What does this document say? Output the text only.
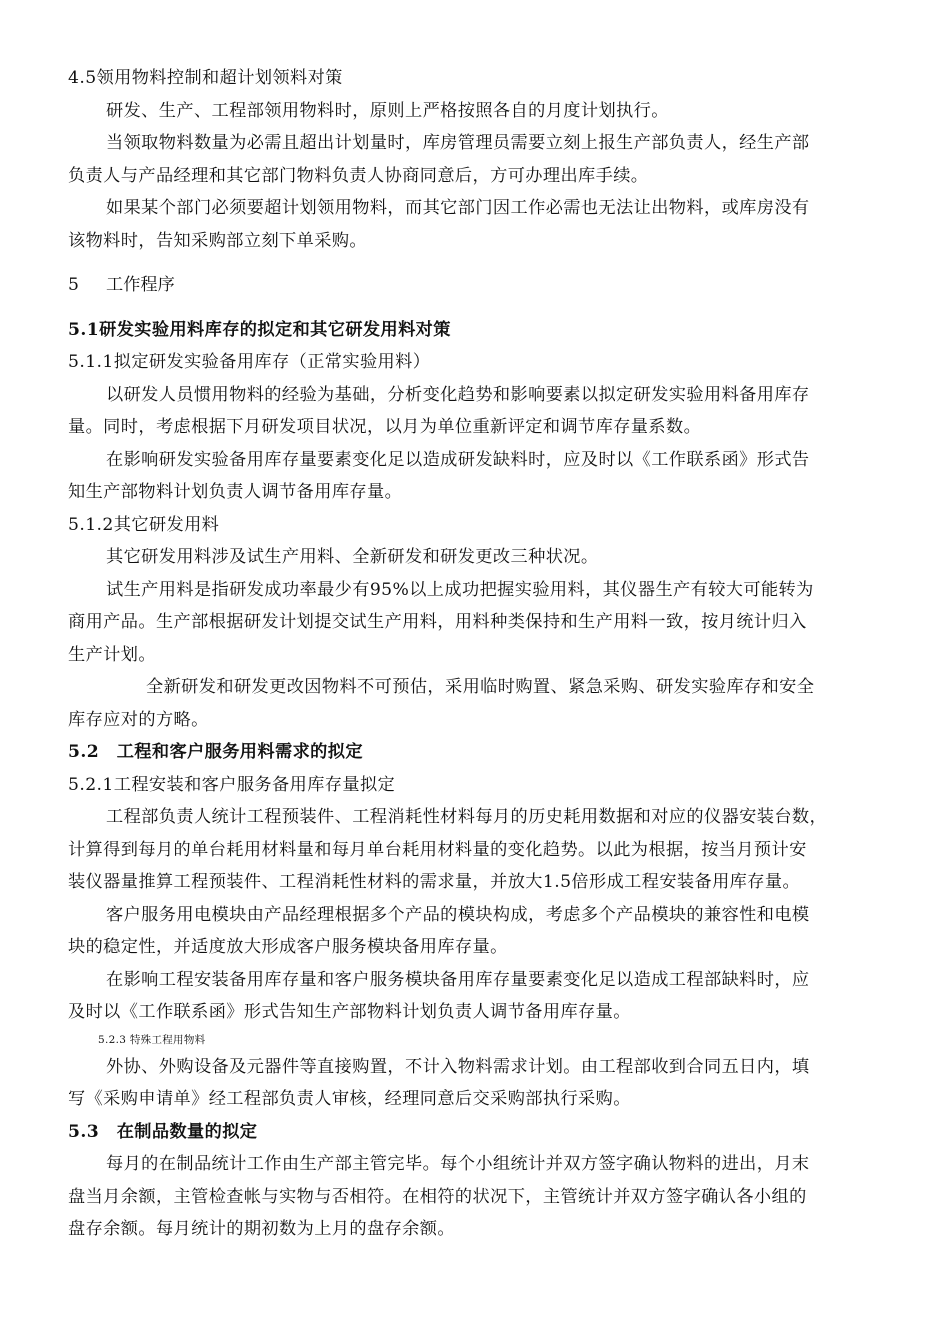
4.5领用物料控制和超计划领料对策
研发、生产、工程部领用物料时，原则上严格按照各自的月度计划执行。
当领取物料数量为必需且超出计划量时，库房管理员需要立刻上报生产部负责人，经生产部
负责人与产品经理和其它部门物料负责人协商同意后，方可办理出库手续。
如果某个部门必须要超计划领用物料，而其它部门因工作必需也无法让出物料，或库房没有
该物料时，告知采购部立刻下单采购。
5 工作程序
5.1研发实验用料库存的拟定和其它研发用料对策
5.1.1拟定研发实验备用库存（正常实验用料）
以研发人员惯用物料的经验为基础，分析变化趋势和影响要素以拟定研发实验用料备用库存
量。同时，考虑根据下月研发项目状况，以月为单位重新评定和调节库存量系数。
在影响研发实验备用库存量要素变化足以造成研发缺料时，应及时以《工作联系函》形式告
知生产部物料计划负责人调节备用库存量。
5.1.2其它研发用料
其它研发用料涉及试生产用料、全新研发和研发更改三种状况。
试生产用料是指研发成功率最少有95%以上成功把握实验用料，其仪器生产有较大可能转为
商用产品。生产部根据研发计划提交试生产用料，用料种类保持和生产用料一致，按月统计归入
生产计划。
全新研发和研发更改因物料不可预估，采用临时购置、紧急采购、研发实验库存和安全
库存应对的方略。
5.2　工程和客户服务用料需求的拟定
5.2.1工程安装和客户服务备用库存量拟定
工程部负责人统计工程预装件、工程消耗性材料每月的历史耗用数据和对应的仪器安装台数，
计算得到每月的单台耗用材料量和每月单台耗用材料量的变化趋势。以此为根据，按当月预计安
装仪器量推算工程预装件、工程消耗性材料的需求量，并放大1.5倍形成工程安装备用库存量。
客户服务用电模块由产品经理根据多个产品的模块构成，考虑多个产品模块的兼容性和电模
块的稳定性，并适度放大形成客户服务模块备用库存量。
在影响工程安装备用库存量和客户服务模块备用库存量要素变化足以造成工程部缺料时，应
及时以《工作联系函》形式告知生产部物料计划负责人调节备用库存量。
5.2.3 特殊工程用物料
外协、外购设备及元器件等直接购置，不计入物料需求计划。由工程部收到合同五日内，填
写《采购申请单》经工程部负责人审核，经理同意后交采购部执行采购。
5.3　在制品数量的拟定
每月的在制品统计工作由生产部主管完毕。每个小组统计并双方签字确认物料的进出，月末
盘当月余额，主管检查帐与实物与否相符。在相符的状况下，主管统计并双方签字确认各小组的
盘存余额。每月统计的期初数为上月的盘存余额。
